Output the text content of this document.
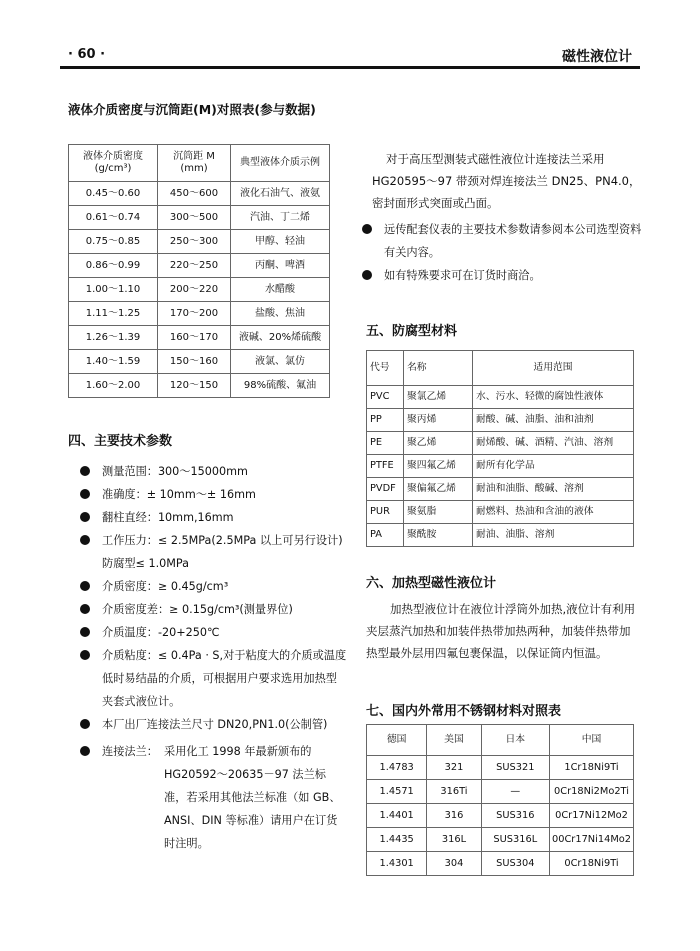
· 60 ·	磁性液位计
液体介质密度与沉筒距(M)对照表(参与数据)
液体介质密度(g/cm³)	沉筒距 M (mm)	典型液体介质示例
0.45～0.60	450～600	液化石油气、液氨
0.61～0.74	300～500	汽油、丁二烯
0.75～0.85	250～300	甲醇、轻油
0.86～0.99	220～250	丙酮、啤酒
1.00～1.10	200～220	水醋酸
1.11～1.25	170～200	盐酸、焦油
1.26～1.39	160～170	液碱、20%烯硫酸
1.40～1.59	150～160	液氯、氯仿
1.60～2.00	120～150	98%硫酸、氟油
四、主要技术参数

测量范围：300～15000mm

准确度：± 10mm～± 16mm

翻柱直经：10mm,16mm

工作压力：≤ 2.5MPa(2.5MPa 以上可另行设计)防腐型≤ 1.0MPa

介质密度：≥ 0.45g/cm³

介质密度差：≥ 0.15g/cm³(测量界位)

介质温度：-20+250℃

介质粘度：≤ 0.4Pa · S,对于粘度大的介质或温度低时易结晶的介质，可根据用户要求选用加热型夹套式液位计。

本厂出厂连接法兰尺寸 DN20,PN1.0(公制管)

连接法兰： 采用化工 1998 年最新颁布的 HG20592～20635－97 法兰标准，若采用其他法兰标准（如 GB、ANSI、DIN 等标准）请用户在订货时注明。

对于高压型测装式磁性液位计连接法兰采用 HG20595～97 带颈对焊连接法兰 DN25、PN4.0，密封面形式突面或凸面。

远传配套仪表的主要技术参数请参阅本公司选型资料有关内容。

如有特殊要求可在订货时商洽。

五、防腐型材料
代号	名称	适用范围
PVC	聚氯乙烯	水、污水、轻微的腐蚀性液体
PP	聚丙烯	耐酸、碱、油脂、油和油剂
PE	聚乙烯	耐烯酸、碱、酒精、汽油、溶剂
PTFE	聚四氟乙烯	耐所有化学品
PVDF	聚偏氟乙烯	耐油和油脂、酸碱、溶剂
PUR	聚氨脂	耐燃料、热油和含油的液体
PA	聚酰胺	耐油、油脂、溶剂
六、加热型磁性液位计

加热型液位计在液位计浮筒外加热,液位计有利用夹层蒸汽加热和加装伴热带加热两种，加装伴热带加热型最外层用四氟包裹保温，以保证筒内恒温。

七、国内外常用不锈钢材料对照表
德国	美国	日本	中国
1.4783	321	SUS321	1Cr18Ni9Ti
1.4571	316Ti	—	0Cr18Ni2Mo2Ti
1.4401	316	SUS316	0Cr17Ni12Mo2
1.4435	316L	SUS316L	00Cr17Ni14Mo2
1.4301	304	SUS304	0Cr18Ni9Ti
